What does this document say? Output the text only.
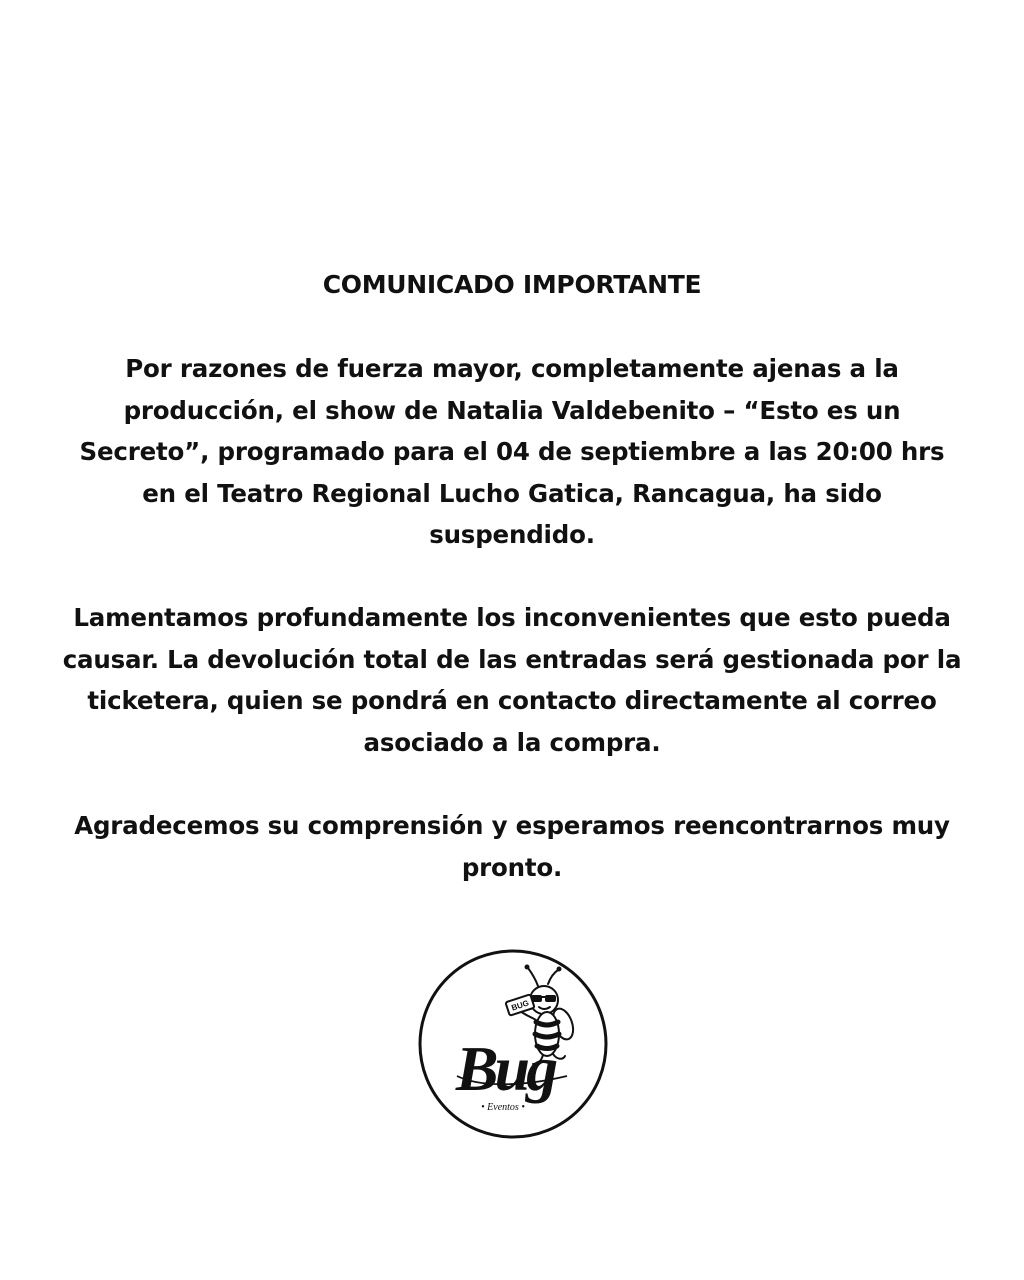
COMUNICADO IMPORTANTE
Por razones de fuerza mayor, completamente ajenas a la producción, el show de Natalia Valdebenito – “Esto es un Secreto”, programado para el 04 de septiembre a las 20:00 hrs en el Teatro Regional Lucho Gatica, Rancagua, ha sido suspendido.
Lamentamos profundamente los inconvenientes que esto pueda causar. La devolución total de las entradas será gestionada por la ticketera, quien se pondrá en contacto directamente al correo asociado a la compra.
Agradecemos su comprensión y esperamos reencontrarnos muy pronto.
BUG
Bug
• Eventos •
